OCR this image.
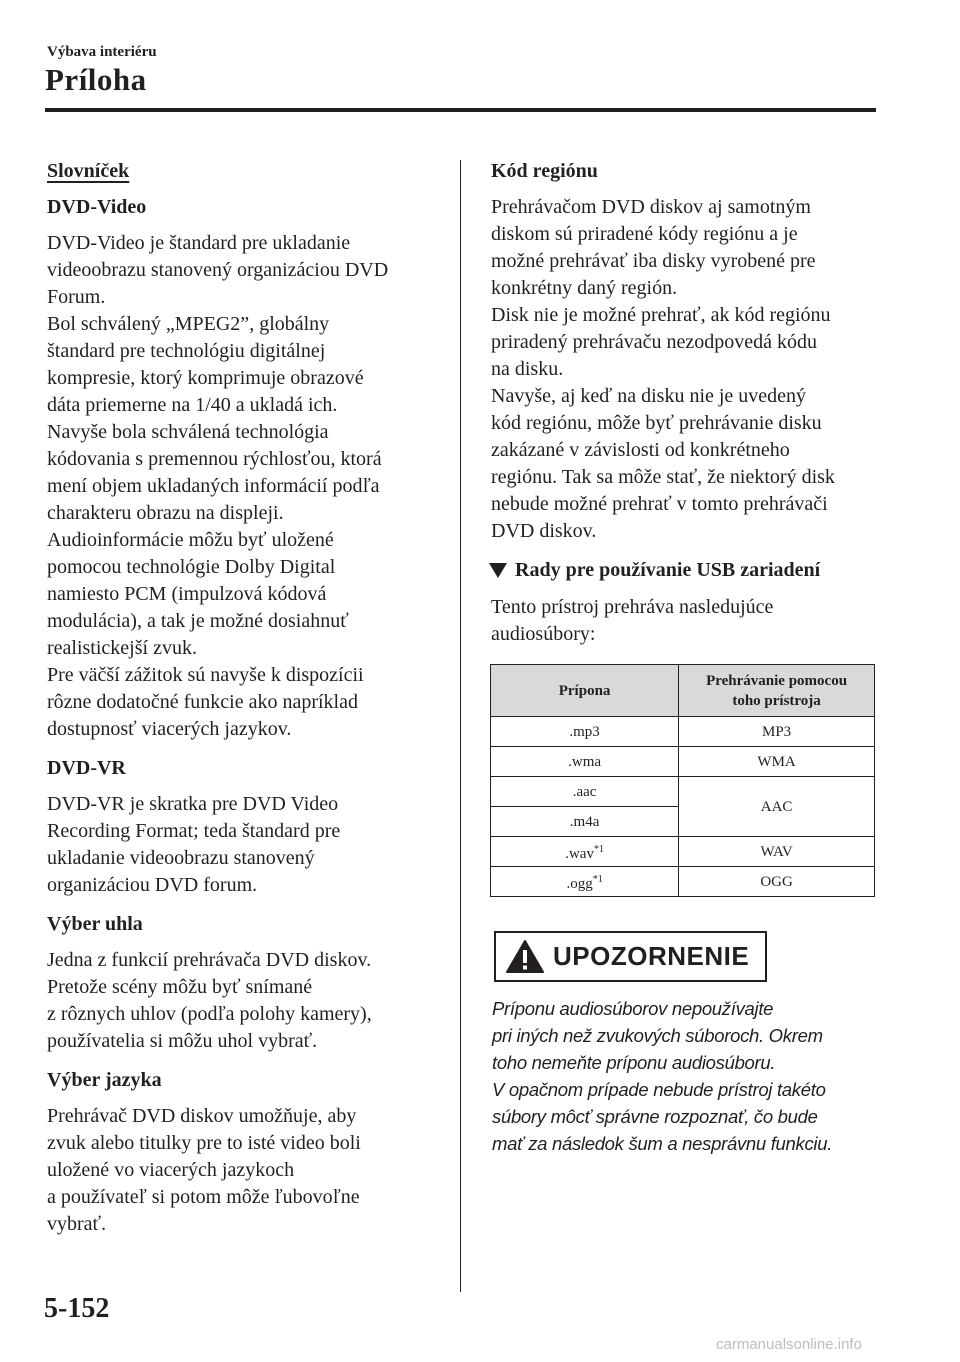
Výbava interiéru
Príloha
Slovníček
DVD-Video
DVD-Video je štandard pre ukladanie
videoobrazu stanovený organizáciou DVD
Forum.
Bol schválený „MPEG2”, globálny
štandard pre technológiu digitálnej
kompresie, ktorý komprimuje obrazové
dáta priemerne na 1/40 a ukladá ich.
Navyše bola schválená technológia
kódovania s premennou rýchlosťou, ktorá
mení objem ukladaných informácií podľa
charakteru obrazu na displeji.
Audioinformácie môžu byť uložené
pomocou technológie Dolby Digital
namiesto PCM (impulzová kódová
modulácia), a tak je možné dosiahnuť
realistickejší zvuk.
Pre väčší zážitok sú navyše k dispozícii
rôzne dodatočné funkcie ako napríklad
dostupnosť viacerých jazykov.
DVD-VR
DVD-VR je skratka pre DVD Video
Recording Format; teda štandard pre
ukladanie videoobrazu stanovený
organizáciou DVD forum.
Výber uhla
Jedna z funkcií prehrávača DVD diskov.
Pretože scény môžu byť snímané
z rôznych uhlov (podľa polohy kamery),
používatelia si môžu uhol vybrať.
Výber jazyka
Prehrávač DVD diskov umožňuje, aby
zvuk alebo titulky pre to isté video boli
uložené vo viacerých jazykoch
a používateľ si potom môže ľubovoľne
vybrať.
Kód regiónu
Prehrávačom DVD diskov aj samotným
diskom sú priradené kódy regiónu a je
možné prehrávať iba disky vyrobené pre
konkrétny daný región.
Disk nie je možné prehrať, ak kód regiónu
priradený prehrávaču nezodpovedá kódu
na disku.
Navyše, aj keď na disku nie je uvedený
kód regiónu, môže byť prehrávanie disku
zakázané v závislosti od konkrétneho
regiónu. Tak sa môže stať, že niektorý disk
nebude možné prehrať v tomto prehrávači
DVD diskov.
Rady pre používanie USB zariadení
Tento prístroj prehráva nasledujúce
audiosúbory:
Prípona	Prehrávanie pomocou
toho prístroja

.mp3	MP3
.wma	WMA
.aac	AAC
.m4a	
.wav$^{*1}$	WAV
.ogg$^{*1}$	OGG
UPOZORNENIE
Príponu audiosúborov nepoužívajte
pri iných než zvukových súboroch. Okrem
toho nemeňte príponu audiosúboru.
V opačnom prípade nebude prístroj takéto
súbory môcť správne rozpoznať, čo bude
mať za následok šum a nesprávnu funkciu.
5-152
carmanualsonline.info
